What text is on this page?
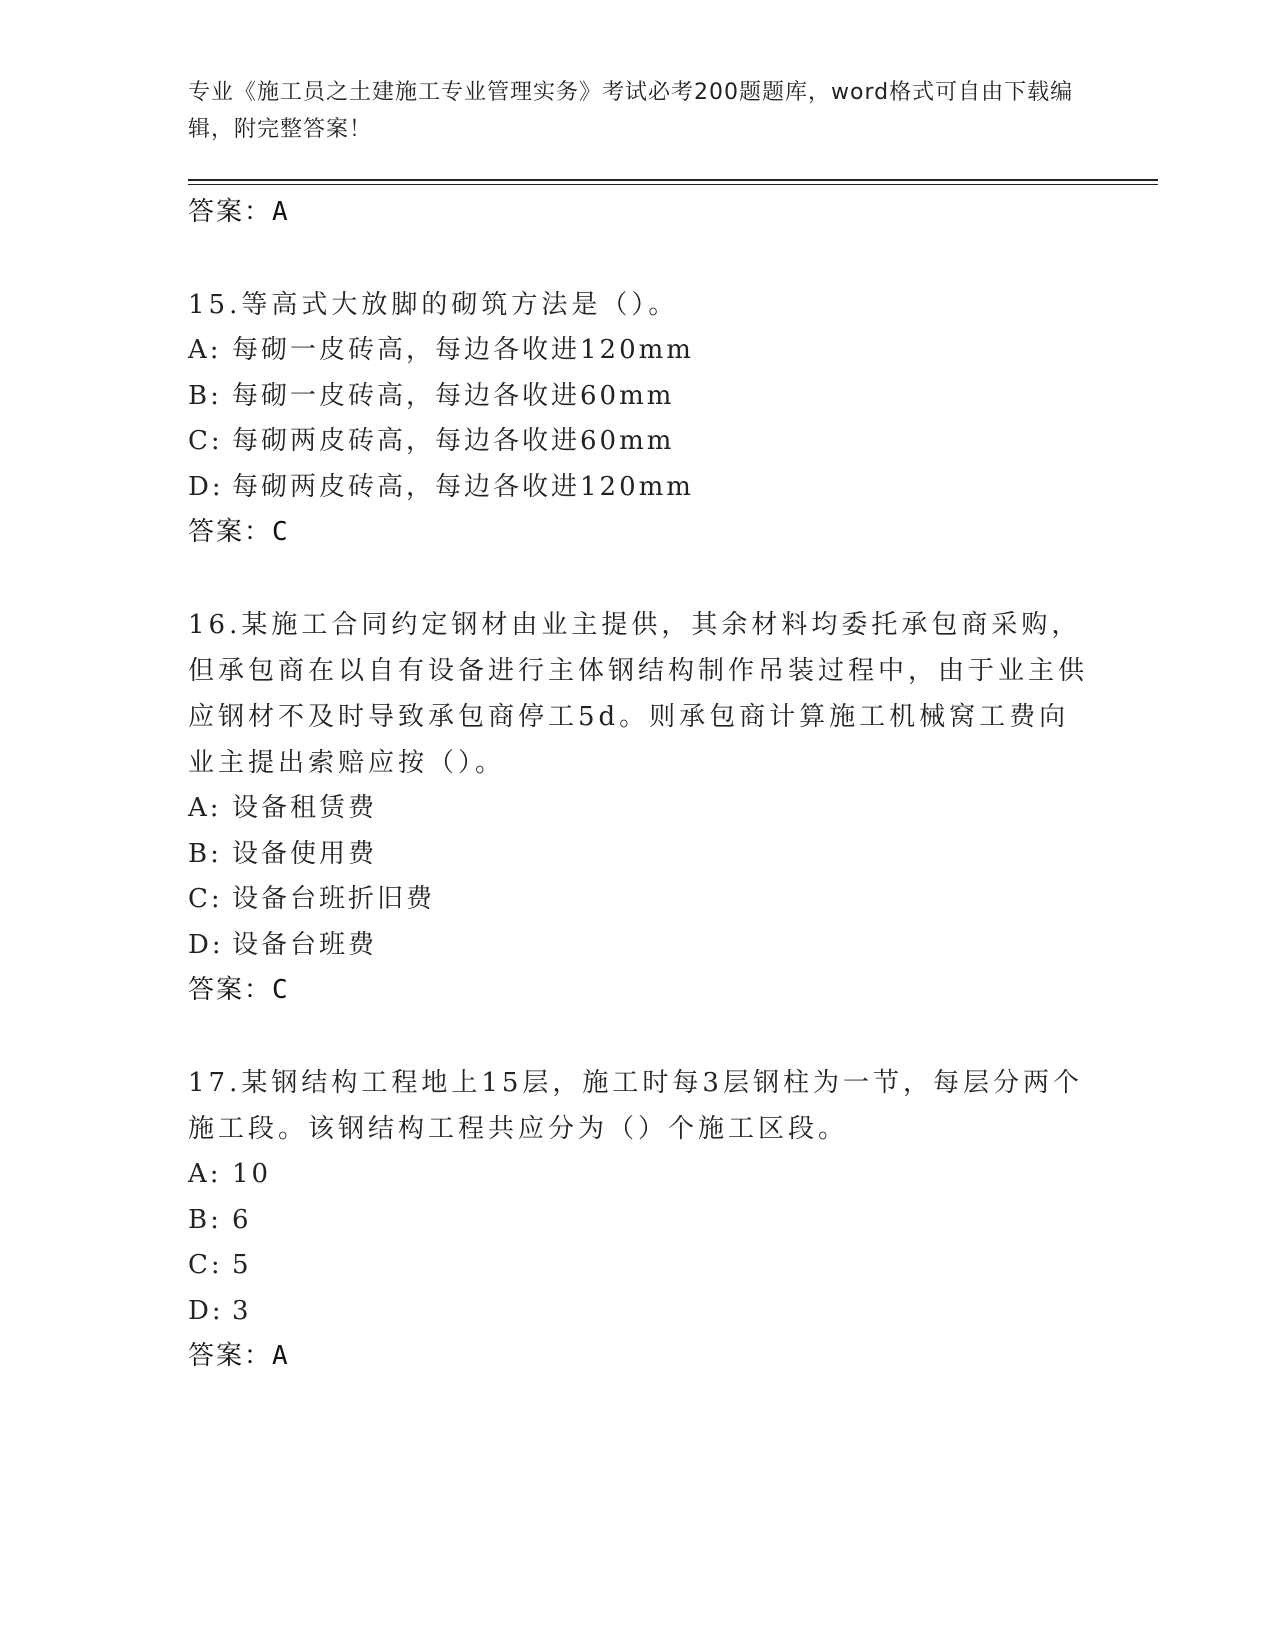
专业《施工员之土建施工专业管理实务》考试必考200题题库，word格式可自由下载编辑，附完整答案！
答案：A
15.等高式大放脚的砌筑方法是（）。
A: 每砌一皮砖高，每边各收进120mm
B: 每砌一皮砖高，每边各收进60mm
C: 每砌两皮砖高，每边各收进60mm
D: 每砌两皮砖高，每边各收进120mm
答案：C
16.某施工合同约定钢材由业主提供，其余材料均委托承包商采购，但承包商在以自有设备进行主体钢结构制作吊装过程中，由于业主供应钢材不及时导致承包商停工5d。则承包商计算施工机械窝工费向业主提出索赔应按（）。
A: 设备租赁费
B: 设备使用费
C: 设备台班折旧费
D: 设备台班费
答案：C
17.某钢结构工程地上15层，施工时每3层钢柱为一节，每层分两个施工段。该钢结构工程共应分为（）个施工区段。
A: 10
B: 6
C: 5
D: 3
答案：A
